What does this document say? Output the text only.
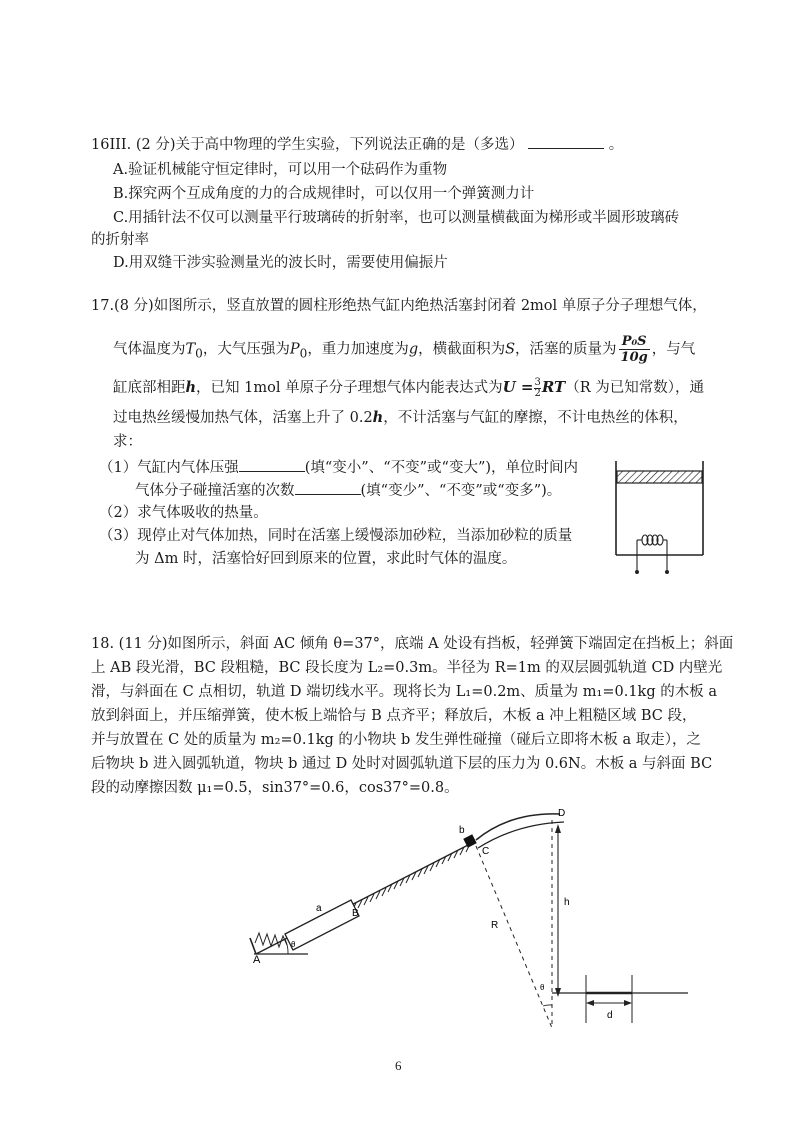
16III. (2 分)关于高中物理的学生实验，下列说法正确的是（多选）	。
A.验证机械能守恒定律时，可以用一个砝码作为重物
B.探究两个互成角度的力的合成规律时，可以仅用一个弹簧测力计
C.用插针法不仅可以测量平行玻璃砖的折射率，也可以测量横截面为梯形或半圆形玻璃砖
的折射率
D.用双缝干涉实验测量光的波长时，需要使用偏振片
17.(8 分)如图所示，竖直放置的圆柱形绝热气缸内绝热活塞封闭着 2mol 单原子分子理想气体，
气体温度为$T_0$，大气压强为$P_0$，重力加速度为g，横截面积为S，活塞的质量为 $\frac{\text{P₀S}}{10g}$ ，与气
缸底部相距h，已知 1mol 单原子分子理想气体内能表达式为$U = \frac{3}{2}RT(R$ 为已知常数），通
过电热丝缓慢加热气体，活塞上升了 0.2h，不计活塞与气缸的摩擦，不计电热丝的体积，
求：
（1）气缸内气体压强	(填“变小”、“不变”或“变大”)，单位时间内
气体分子碰撞活塞的次数	(填“变少”、“不变”或“变多”)。
（2）求气体吸收的热量。
（3）现停止对气体加热，同时在活塞上缓慢添加砂粒，当添加砂粒的质量
为 Δm 时，活塞恰好回到原来的位置，求此时气体的温度。
18. (11 分)如图所示，斜面 AC 倾角 θ=37°，底端 A 处设有挡板，轻弹簧下端固定在挡板上；斜面
上 AB 段光滑，BC 段粗糙，BC 段长度为 L₂=0.3m。半径为 R=1m 的双层圆弧轨道 CD 内壁光
滑，与斜面在 C 点相切，轨道 D 端切线水平。现将长为 L₁=0.2m、质量为 m₁=0.1kg 的木板 a
放到斜面上，并压缩弹簧，使木板上端恰与 B 点齐平；释放后，木板 a 冲上粗糙区域 BC 段，
并与放置在 C 处的质量为 m₂=0.1kg 的小物块 b 发生弹性碰撞（碰后立即将木板 a 取走），之
后物块 b 进入圆弧轨道，物块 b 通过 D 处时对圆弧轨道下层的压力为 0.6N。木板 a 与斜面 BC
段的动摩擦因数 μ₁=0.5，sin37°=0.6，cos37°=0.8。
A
B
C
D
a
b
R
h
d
θ
θ
6
